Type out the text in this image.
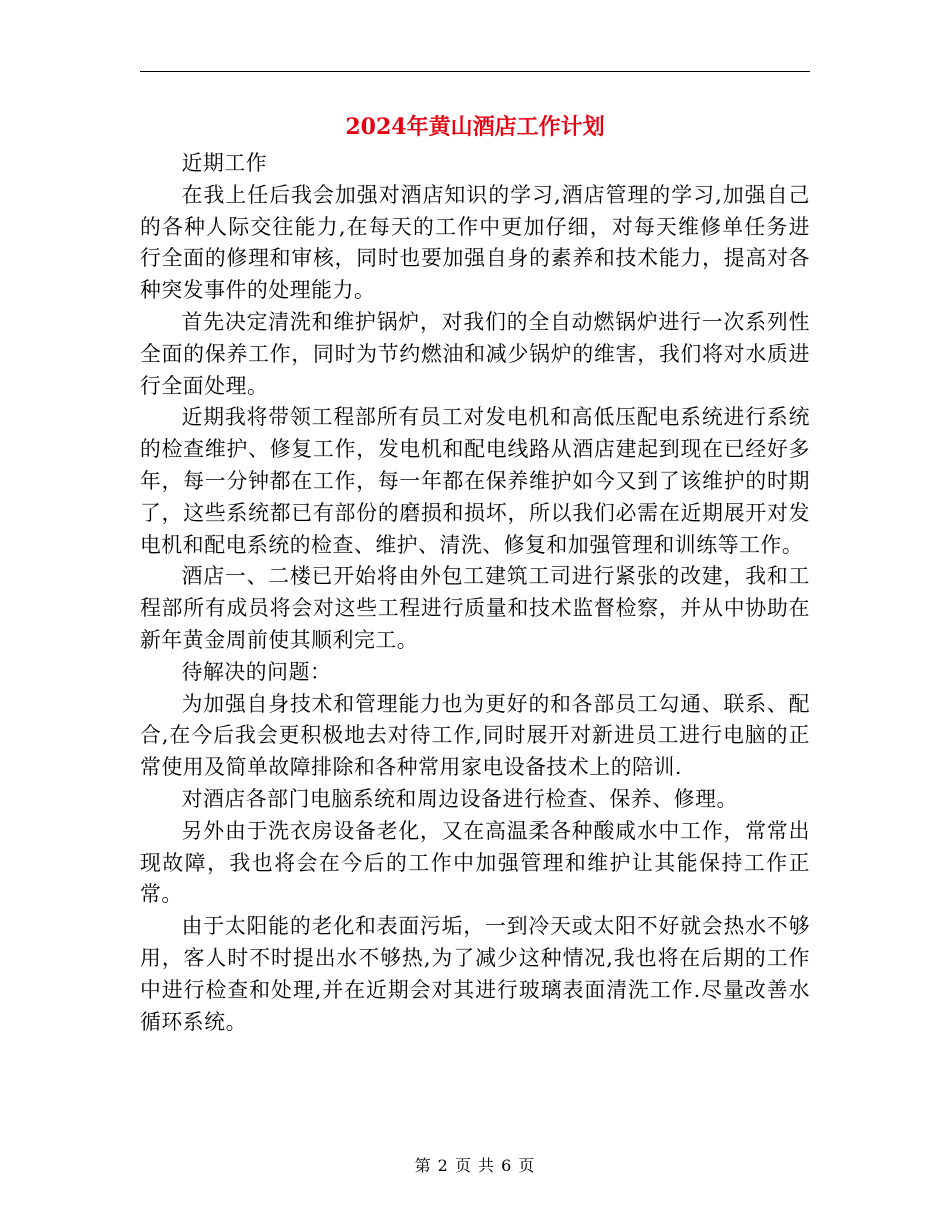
2024年黄山酒店工作计划

近期工作

在我上任后我会加强对酒店知识的学习,酒店管理的学习,加强自己的各种人际交往能力,在每天的工作中更加仔细，对每天维修单任务进行全面的修理和审核，同时也要加强自身的素养和技术能力，提高对各种突发事件的处理能力。

首先决定清洗和维护锅炉，对我们的全自动燃锅炉进行一次系列性全面的保养工作，同时为节约燃油和减少锅炉的维害，我们将对水质进行全面处理。

近期我将带领工程部所有员工对发电机和高低压配电系统进行系统的检查维护、修复工作，发电机和配电线路从酒店建起到现在已经好多年，每一分钟都在工作，每一年都在保养维护如今又到了该维护的时期了，这些系统都已有部份的磨损和损坏，所以我们必需在近期展开对发电机和配电系统的检查、维护、清洗、修复和加强管理和训练等工作。

酒店一、二楼已开始将由外包工建筑工司进行紧张的改建，我和工程部所有成员将会对这些工程进行质量和技术监督检察，并从中协助在新年黄金周前使其顺利完工。

待解决的问题：

为加强自身技术和管理能力也为更好的和各部员工勾通、联系、配合,在今后我会更积极地去对待工作,同时展开对新进员工进行电脑的正常使用及简单故障排除和各种常用家电设备技术上的陪训.

对酒店各部门电脑系统和周边设备进行检查、保养、修理。

另外由于洗衣房设备老化，又在高温柔各种酸咸水中工作，常常出现故障，我也将会在今后的工作中加强管理和维护让其能保持工作正常。

由于太阳能的老化和表面污垢，一到冷天或太阳不好就会热水不够用，客人时不时提出水不够热,为了减少这种情况,我也将在后期的工作中进行检查和处理,并在近期会对其进行玻璃表面清洗工作.尽量改善水循环系统。

第 2 页 共 6 页
